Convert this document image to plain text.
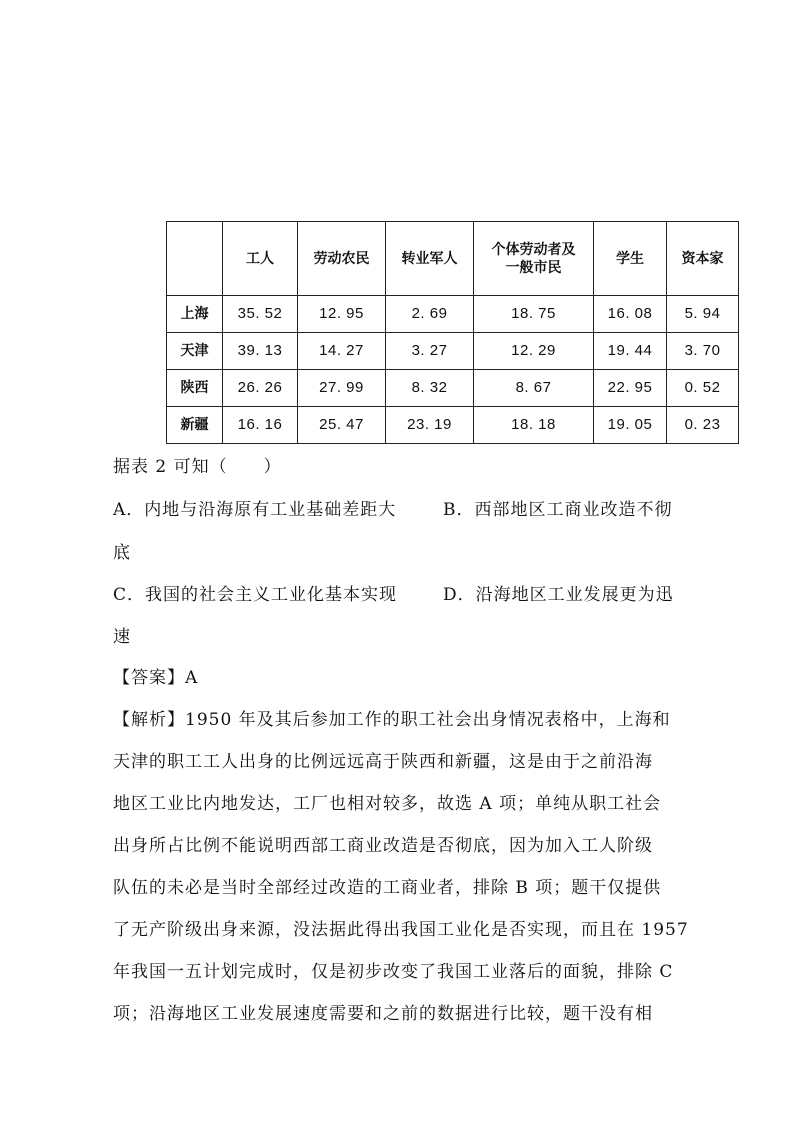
	工人	劳动农民	转业军人	个体劳动者及
一般市民	学生	资本家
上海	35. 52	12. 95	2. 69	18. 75	16. 08	5. 94
天津	39. 13	14. 27	3. 27	12. 29	19. 44	3. 70
陕西	26. 26	27. 99	8. 32	8. 67	22. 95	0. 52
新疆	16. 16	25. 47	23. 19	18. 18	19. 05	0. 23
据表 2 可知（　　）
A．内地与沿海原有工业基础差距大	B．西部地区工商业改造不彻
底
C．我国的社会主义工业化基本实现	D．沿海地区工业发展更为迅
速
【答案】A
【解析】1950 年及其后参加工作的职工社会出身情况表格中，上海和
天津的职工工人出身的比例远远高于陕西和新疆，这是由于之前沿海
地区工业比内地发达，工厂也相对较多，故选 A 项；单纯从职工社会
出身所占比例不能说明西部工商业改造是否彻底，因为加入工人阶级
队伍的未必是当时全部经过改造的工商业者，排除 B 项；题干仅提供
了无产阶级出身来源，没法据此得出我国工业化是否实现，而且在 1957
年我国一五计划完成时，仅是初步改变了我国工业落后的面貌，排除 C
项；沿海地区工业发展速度需要和之前的数据进行比较，题干没有相
